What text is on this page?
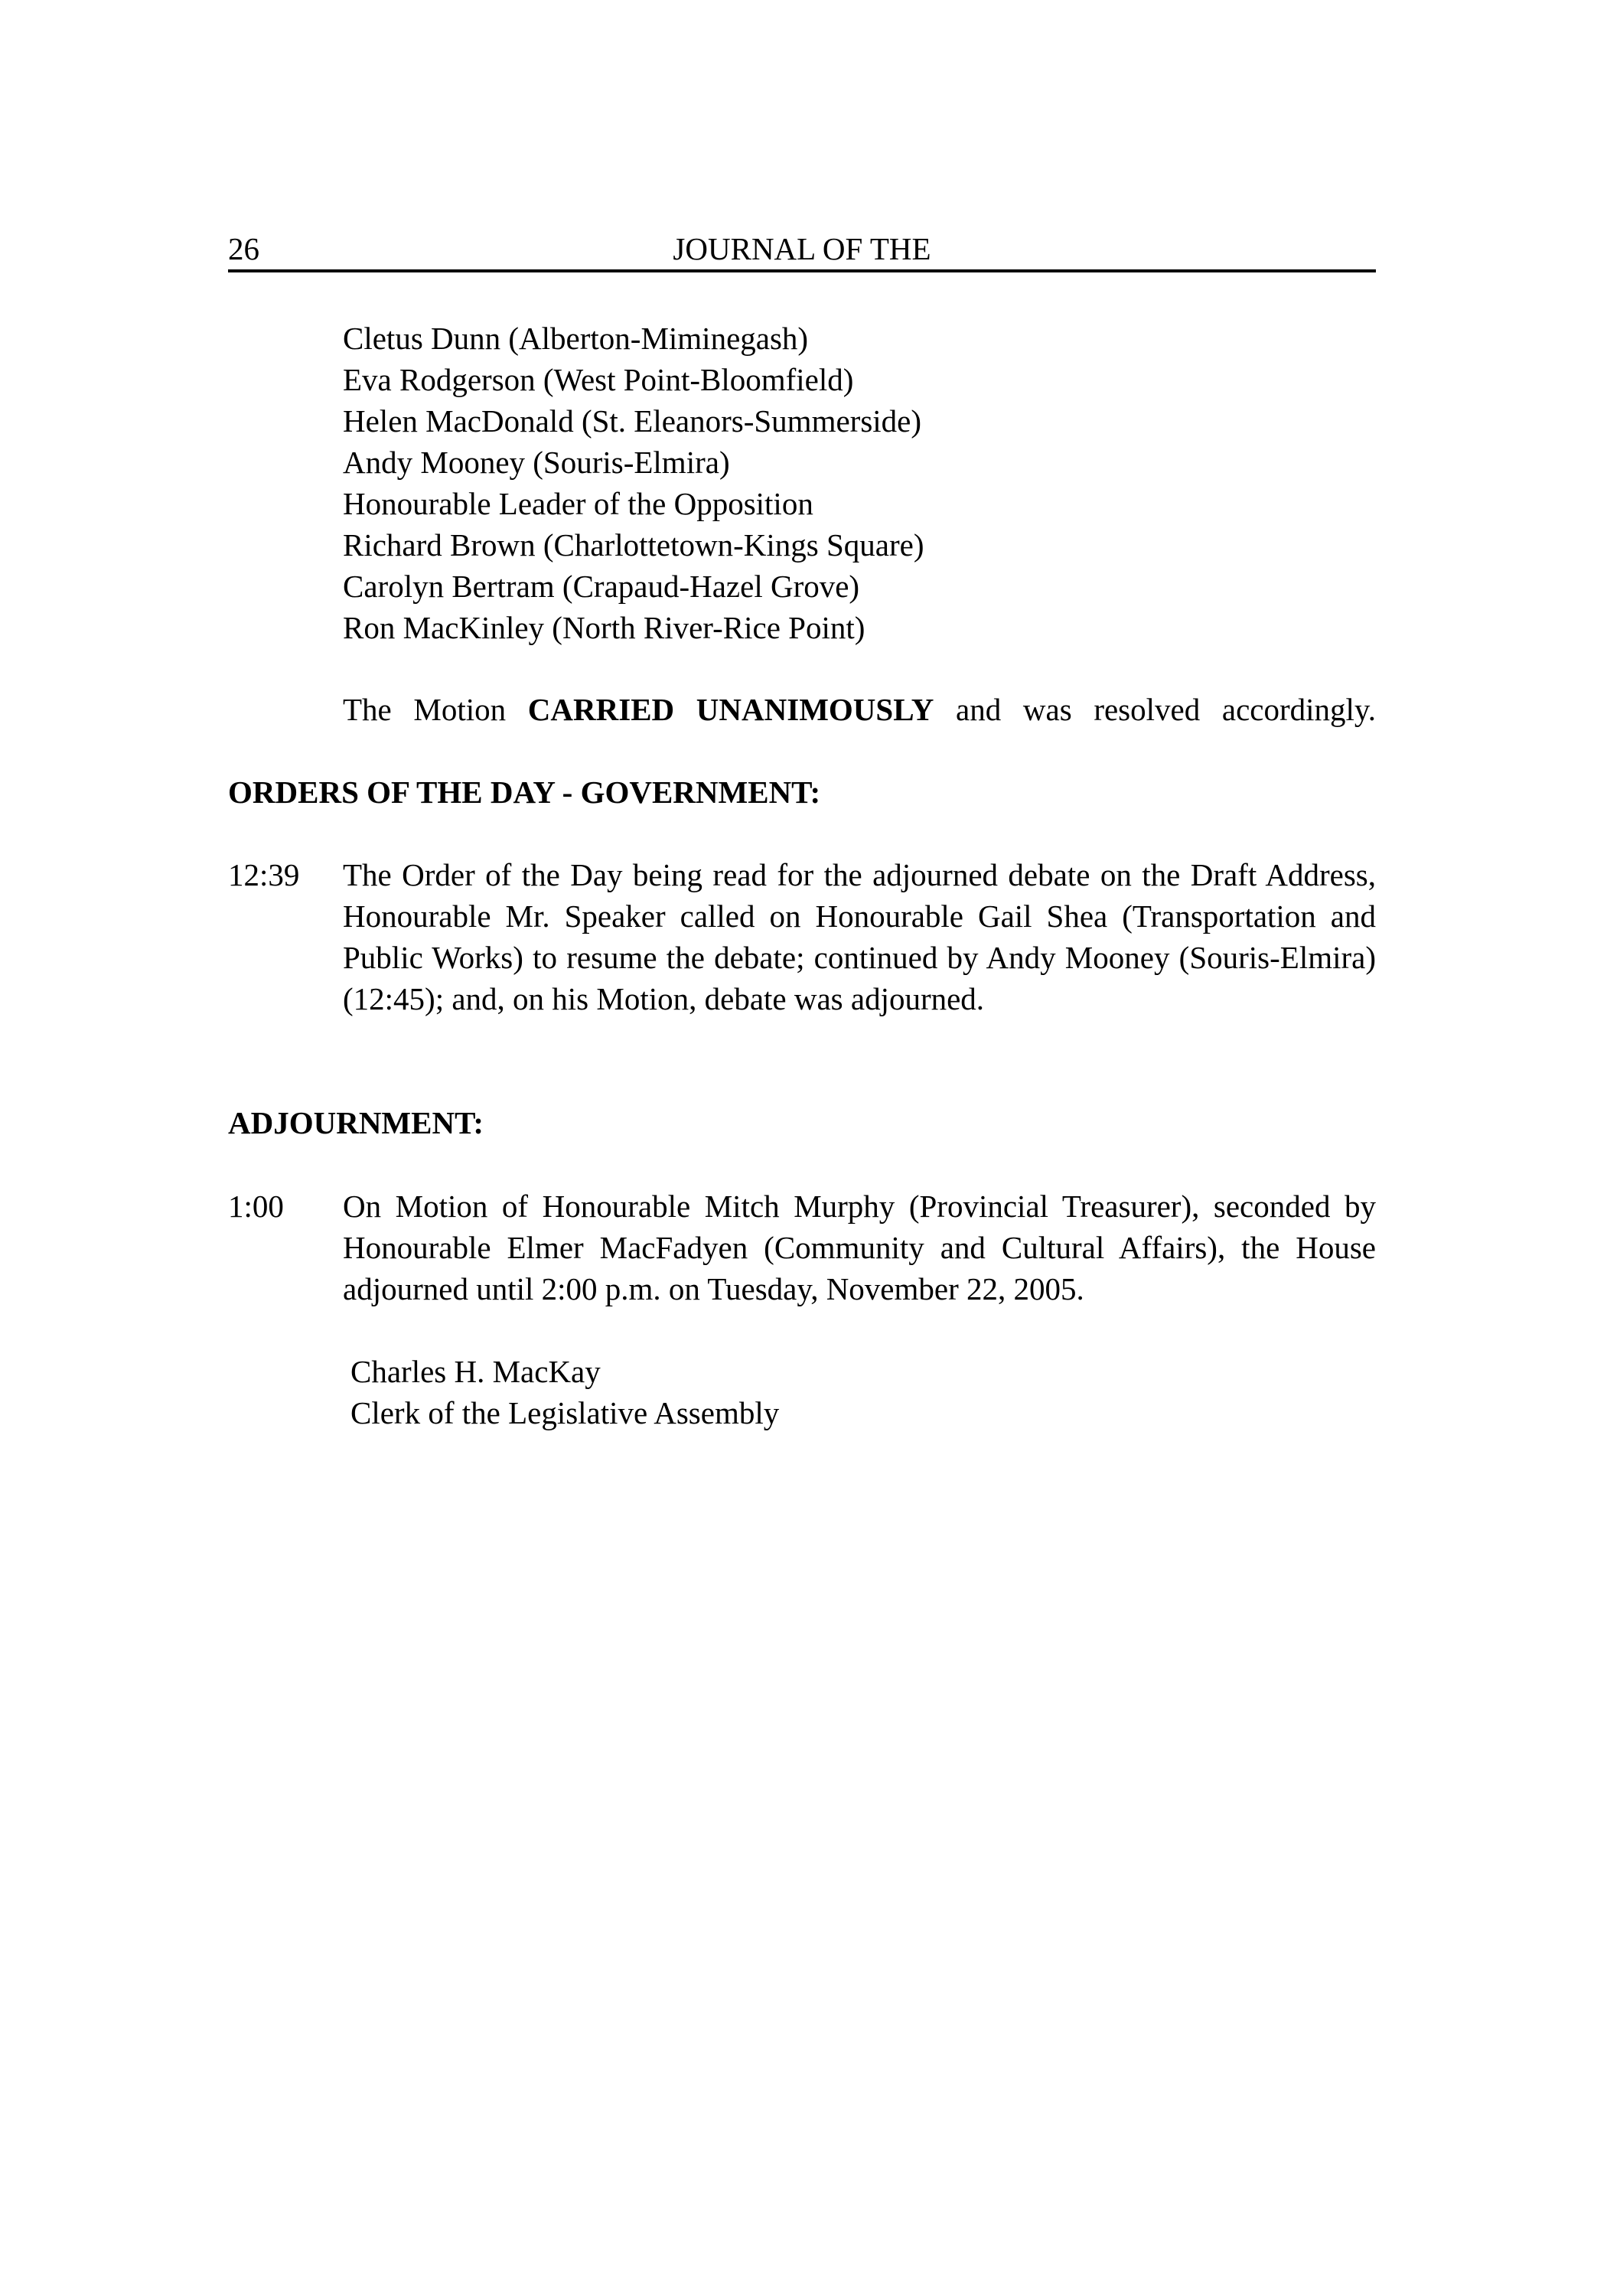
26	JOURNAL OF THE
Cletus Dunn (Alberton-Miminegash)
Eva Rodgerson (West Point-Bloomfield)
Helen MacDonald (St. Eleanors-Summerside)
Andy Mooney (Souris-Elmira)
Honourable Leader of the Opposition
Richard Brown (Charlottetown-Kings Square)
Carolyn Bertram (Crapaud-Hazel Grove)
Ron MacKinley (North River-Rice Point)

The Motion CARRIED UNANIMOUSLY and was resolved accordingly.

ORDERS OF THE DAY - GOVERNMENT:
12:39 The Order of the Day being read for the adjourned debate on the Draft Address, Honourable Mr. Speaker called on Honourable Gail Shea (Transportation and Public Works) to resume the debate; continued by Andy Mooney (Souris-Elmira) (12:45); and, on his Motion, debate was adjourned.

ADJOURNMENT:
1:00 On Motion of Honourable Mitch Murphy (Provincial Treasurer), seconded by Honourable Elmer MacFadyen (Community and Cultural Affairs), the House adjourned until 2:00 p.m. on Tuesday, November 22, 2005.

Charles H. MacKay
Clerk of the Legislative Assembly
